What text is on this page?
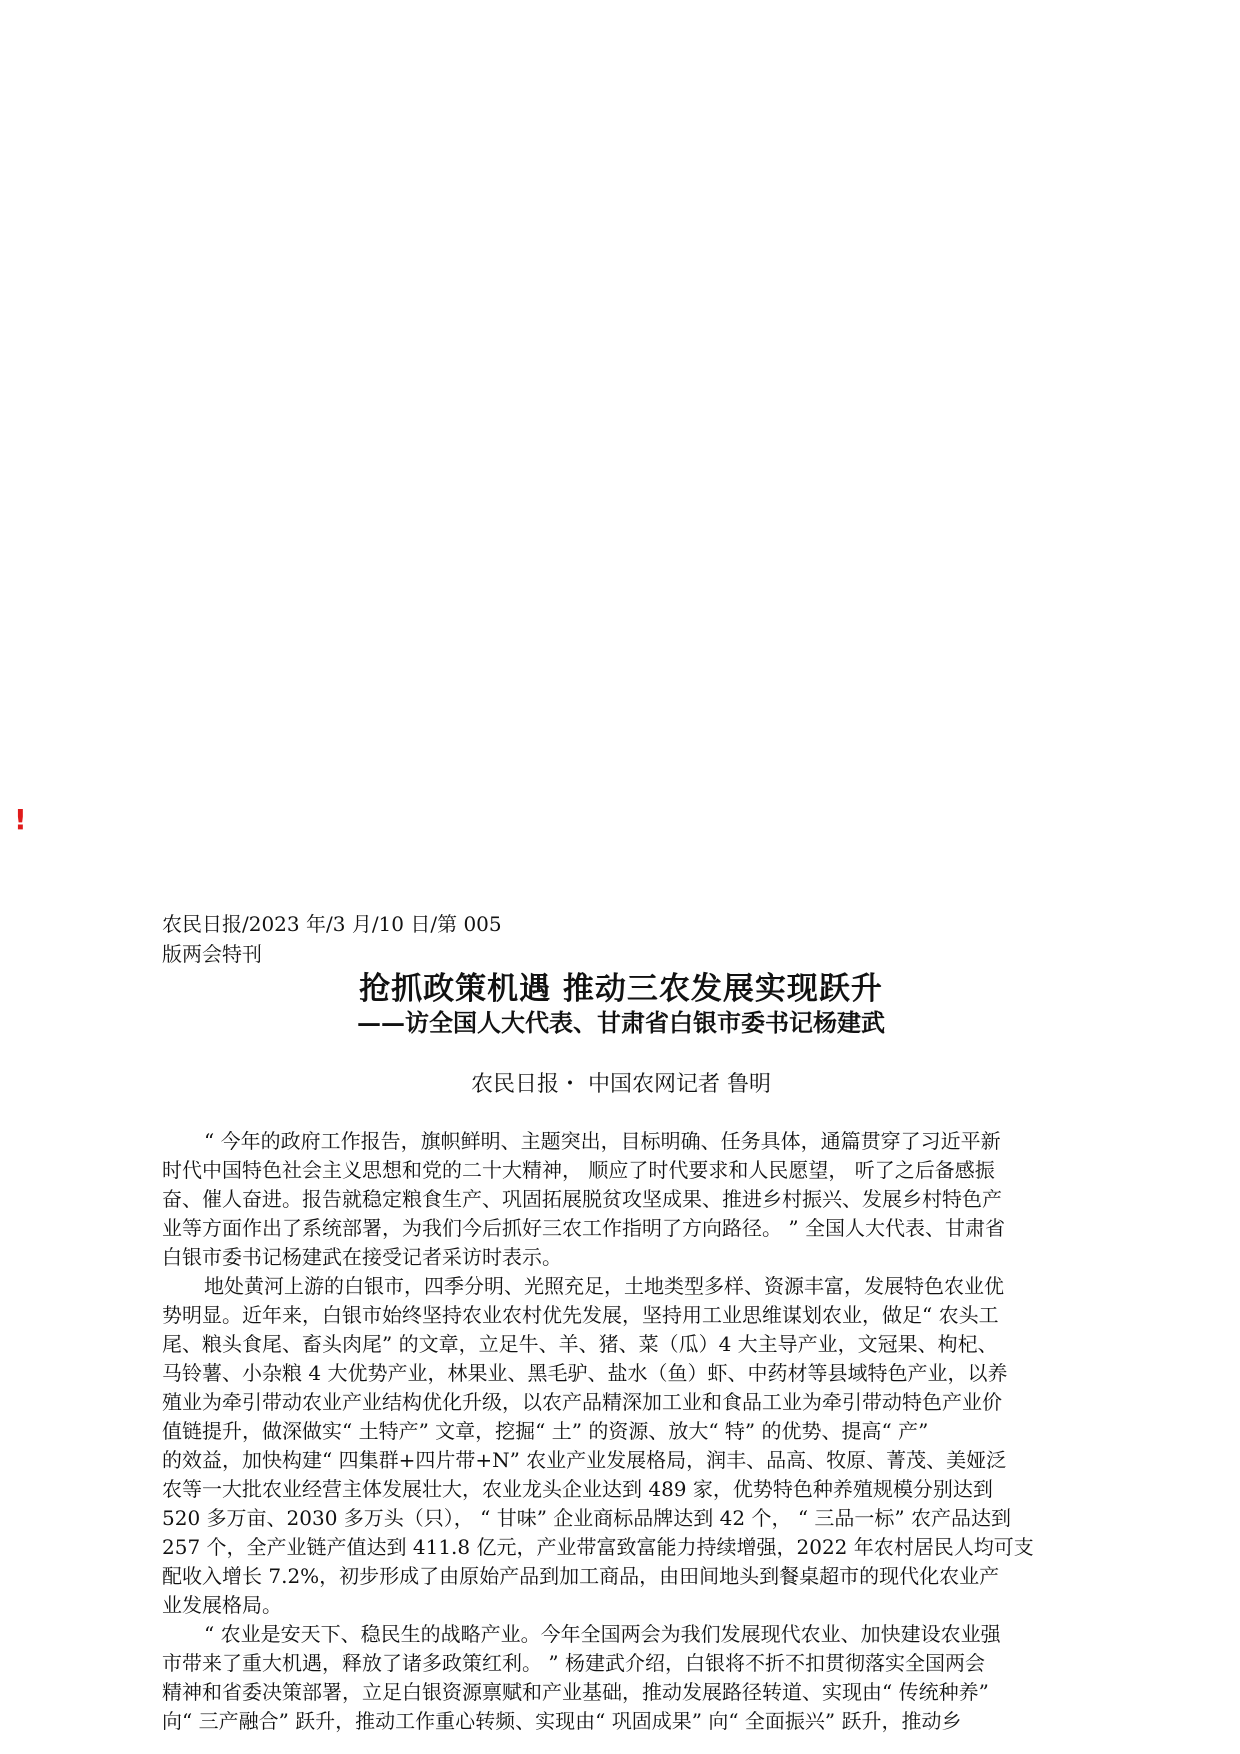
!
农民日报/2023 年/3 月/10 日/第 005
版两会特刊
抢抓政策机遇 推动三农发展实现跃升
——访全国人大代表、甘肃省白银市委书记杨建武
农民日报・ 中国农网记者 鲁明
“ 今年的政府工作报告，旗帜鲜明、主题突出，目标明确、任务具体，通篇贯穿了习近平新
时代中国特色社会主义思想和党的二十大精神， 顺应了时代要求和人民愿望， 听了之后备感振
奋、催人奋进。报告就稳定粮食生产、巩固拓展脱贫攻坚成果、推进乡村振兴、发展乡村特色产
业等方面作出了系统部署，为我们今后抓好三农工作指明了方向路径。 ” 全国人大代表、甘肃省
白银市委书记杨建武在接受记者采访时表示。
地处黄河上游的白银市，四季分明、光照充足，土地类型多样、资源丰富，发展特色农业优
势明显。近年来，白银市始终坚持农业农村优先发展，坚持用工业思维谋划农业，做足“ 农头工
尾、粮头食尾、畜头肉尾” 的文章，立足牛、羊、猪、菜（瓜）4 大主导产业，文冠果、枸杞、
马铃薯、小杂粮 4 大优势产业，林果业、黑毛驴、盐水（鱼）虾、中药材等县域特色产业，以养
殖业为牵引带动农业产业结构优化升级，以农产品精深加工业和食品工业为牵引带动特色产业价
值链提升，做深做实“ 土特产” 文章，挖掘“ 土” 的资源、放大“ 特” 的优势、提高“ 产”
的效益，加快构建“ 四集群+四片带+N” 农业产业发展格局，润丰、品高、牧原、菁茂、美娅泛
农等一大批农业经营主体发展壮大，农业龙头企业达到 489 家，优势特色种养殖规模分别达到
520 多万亩、2030 多万头（只）， “ 甘味” 企业商标品牌达到 42 个， “ 三品一标” 农产品达到
257 个，全产业链产值达到 411.8 亿元，产业带富致富能力持续增强，2022 年农村居民人均可支
配收入增长 7.2%，初步形成了由原始产品到加工商品，由田间地头到餐桌超市的现代化农业产
业发展格局。
“ 农业是安天下、稳民生的战略产业。今年全国两会为我们发展现代农业、加快建设农业强
市带来了重大机遇，释放了诸多政策红利。 ” 杨建武介绍，白银将不折不扣贯彻落实全国两会
精神和省委决策部署，立足白银资源禀赋和产业基础，推动发展路径转道、实现由“ 传统种养”
向“ 三产融合” 跃升，推动工作重心转频、实现由“ 巩固成果” 向“ 全面振兴” 跃升，推动乡
